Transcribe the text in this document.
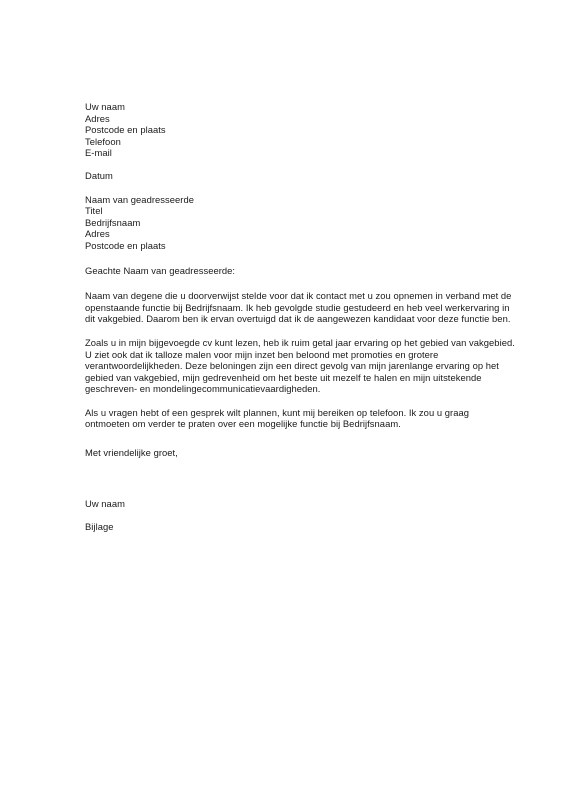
Uw naam
Adres
Postcode en plaats
Telefoon
E-mail
Datum
Naam van geadresseerde
Titel
Bedrijfsnaam
Adres
Postcode en plaats
Geachte Naam van geadresseerde:
Naam van degene die u doorverwijst stelde voor dat ik contact met u zou opnemen in verband met de
openstaande functie bij Bedrijfsnaam. Ik heb gevolgde studie gestudeerd en heb veel werkervaring in
dit vakgebied. Daarom ben ik ervan overtuigd dat ik de aangewezen kandidaat voor deze functie ben.
Zoals u in mijn bijgevoegde cv kunt lezen, heb ik ruim getal jaar ervaring op het gebied van vakgebied.
U ziet ook dat ik talloze malen voor mijn inzet ben beloond met promoties en grotere
verantwoordelijkheden. Deze beloningen zijn een direct gevolg van mijn jarenlange ervaring op het
gebied van vakgebied, mijn gedrevenheid om het beste uit mezelf te halen en mijn uitstekende
geschreven- en mondelingecommunicatievaardigheden.
Als u vragen hebt of een gesprek wilt plannen, kunt mij bereiken op telefoon. Ik zou u graag
ontmoeten om verder te praten over een mogelijke functie bij Bedrijfsnaam.
Met vriendelijke groet,
Uw naam
Bijlage
